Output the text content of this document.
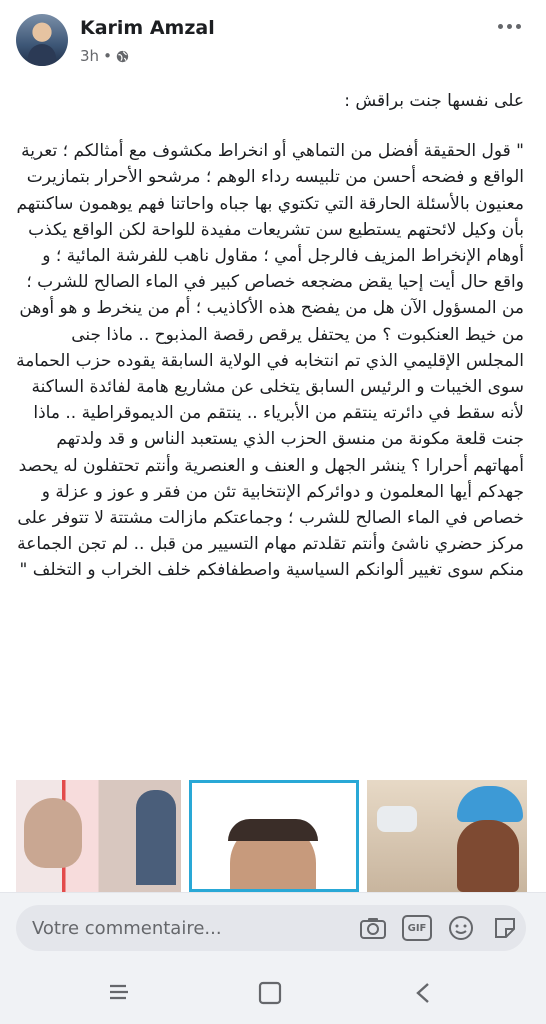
Karim Amzal
3h •
على نفسها جنت براقش :
" قول الحقيقة أفضل من التماهي أو انخراط مكشوف مع أمثالكم ؛ تعرية الواقع و فضحه أحسن من تلبيسه رداء الوهم ؛ مرشحو الأحرار بتمازيرت معنيون بالأسئلة الحارقة التي تكتوي بها جباه واحاتنا فهم يوهمون ساكنتهم بأن وكيل لائحتهم يستطيع سن تشريعات مفيدة للواحة لكن الواقع يكذب أوهام الإنخراط المزيف فالرجل أمي ؛ مقاول ناهب للفرشة المائية ؛ و واقع حال أيت إحيا يقض مضجعه خصاص كبير في الماء الصالح للشرب ؛ من المسؤول الآن هل من يفضح هذه الأكاذيب ؛ أم من ينخرط و هو أوهن من خيط العنكبوت ؟ من يحتفل يرقص رقصة المذبوح .. ماذا جنى المجلس الإقليمي الذي تم انتخابه في الولاية السابقة يقوده حزب الحمامة سوى الخيبات و الرئيس السابق يتخلى عن مشاريع هامة لفائدة الساكنة لأنه سقط في دائرته ينتقم من الأبرياء .. ينتقم من الديموقراطية .. ماذا جنت قلعة مكونة من منسق الحزب الذي يستعبد الناس و قد ولدتهم أمهاتهم أحرارا ؟ ينشر الجهل و العنف و العنصرية وأنتم تحتفلون له يحصد جهدكم أيها المعلمون و دوائركم الإنتخابية تئن من فقر و عوز و عزلة و خصاص في الماء الصالح للشرب ؛ وجماعتكم مازالت مشتتة لا تتوفر على مركز حضري ناشئ وأنتم تقلدتم مهام التسيير من قبل .. لم تجن الجماعة منكم سوى تغيير ألوانكم السياسية واصطفافكم خلف الخراب و التخلف "
Votre commentaire...	GIF
